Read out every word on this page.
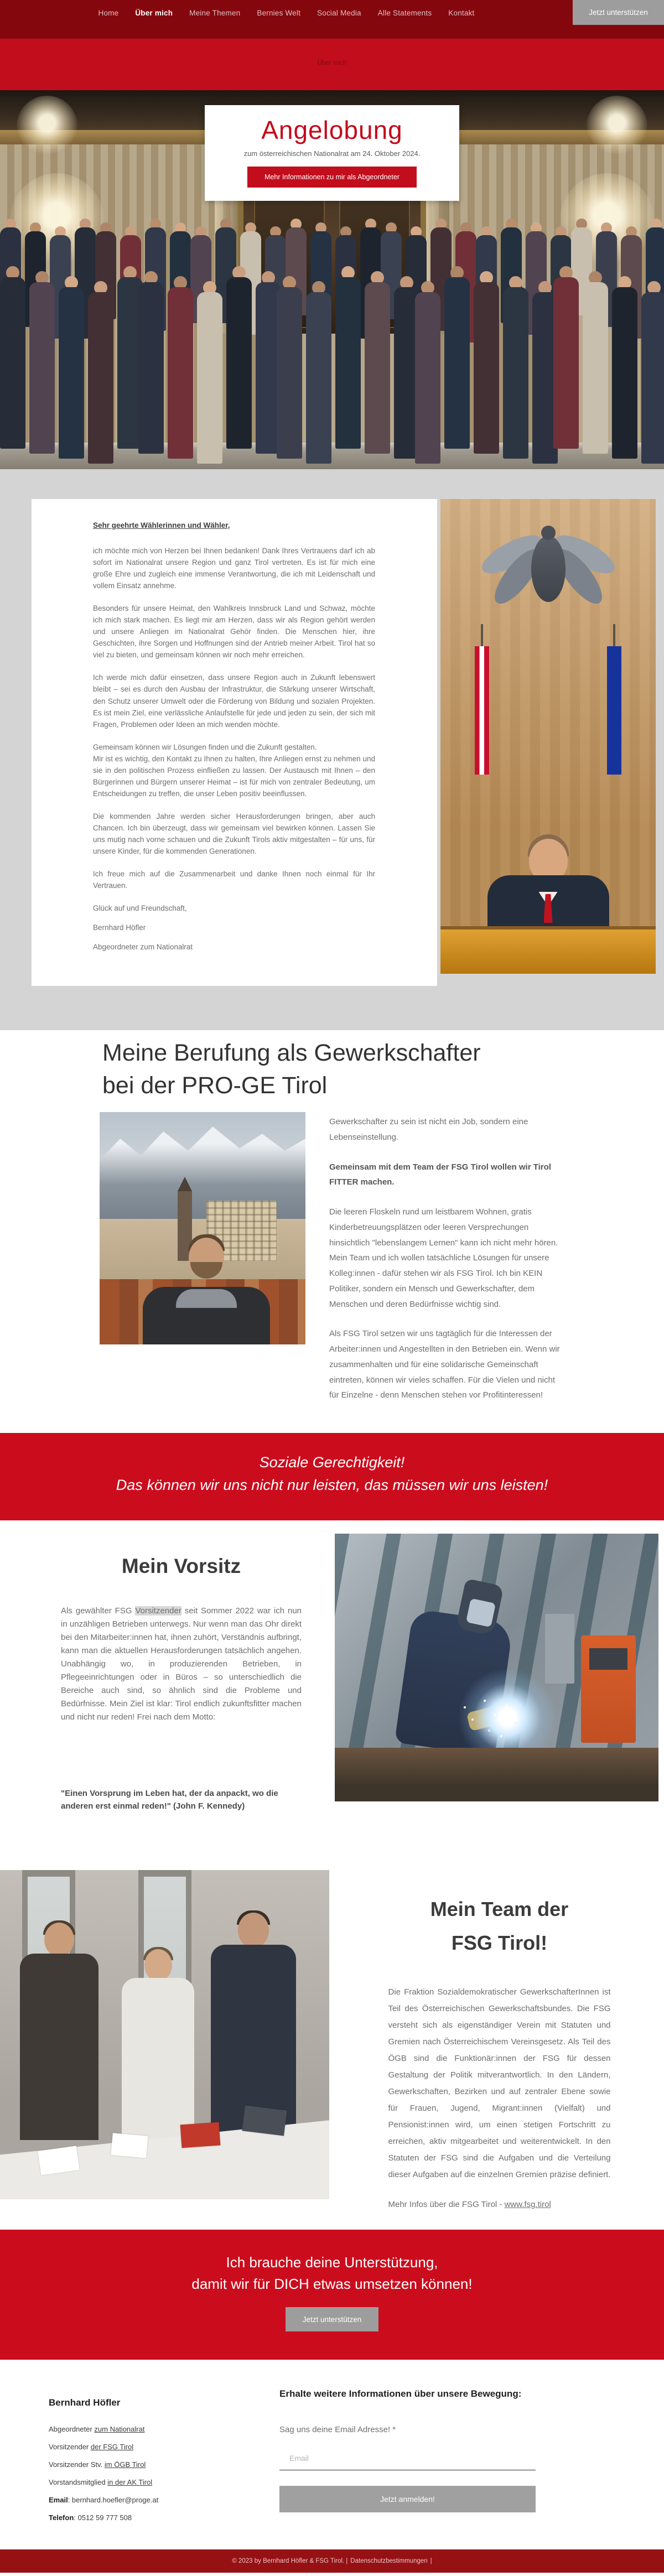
Home Über mich Meine Themen Bernies Welt Social Media Alle Statements Kontakt	Jetzt unterstützen
Über mich
Angelobung
zum österreichischen Nationalrat am 24. Oktober 2024.
Mehr Informationen zu mir als Abgeordneter
Sehr geehrte Wählerinnen und Wähler,

ich möchte mich von Herzen bei Ihnen bedanken! Dank Ihres Vertrauens darf ich ab sofort im Nationalrat unsere Region und ganz Tirol vertreten. Es ist für mich eine große Ehre und zugleich eine immense Verantwortung, die ich mit Leidenschaft und vollem Einsatz annehme.

Besonders für unsere Heimat, den Wahlkreis Innsbruck Land und Schwaz, möchte ich mich stark machen. Es liegt mir am Herzen, dass wir als Region gehört werden und unsere Anliegen im Nationalrat Gehör finden. Die Menschen hier, ihre Geschichten, ihre Sorgen und Hoffnungen sind der Antrieb meiner Arbeit. Tirol hat so viel zu bieten, und gemeinsam können wir noch mehr erreichen.

Ich werde mich dafür einsetzen, dass unsere Region auch in Zukunft lebenswert bleibt – sei es durch den Ausbau der Infrastruktur, die Stärkung unserer Wirtschaft, den Schutz unserer Umwelt oder die Förderung von Bildung und sozialen Projekten. Es ist mein Ziel, eine verlässliche Anlaufstelle für jede und jeden zu sein, der sich mit Fragen, Problemen oder Ideen an mich wenden möchte.

Gemeinsam können wir Lösungen finden und die Zukunft gestalten.

Mir ist es wichtig, den Kontakt zu Ihnen zu halten, Ihre Anliegen ernst zu nehmen und sie in den politischen Prozess einfließen zu lassen. Der Austausch mit Ihnen – den Bürgerinnen und Bürgern unserer Heimat – ist für mich von zentraler Bedeutung, um Entscheidungen zu treffen, die unser Leben positiv beeinflussen.

Die kommenden Jahre werden sicher Herausforderungen bringen, aber auch Chancen. Ich bin überzeugt, dass wir gemeinsam viel bewirken können. Lassen Sie uns mutig nach vorne schauen und die Zukunft Tirols aktiv mitgestalten – für uns, für unsere Kinder, für die kommenden Generationen.

Ich freue mich auf die Zusammenarbeit und danke Ihnen noch einmal für Ihr Vertrauen.

Glück auf und Freundschaft,

Bernhard Höfler

Abgeordneter zum Nationalrat

Meine Berufung als Gewerkschafter
bei der PRO-GE Tirol

Gewerkschafter zu sein ist nicht ein Job, sondern eine Lebenseinstellung.

Gemeinsam mit dem Team der FSG Tirol wollen wir Tirol FITTER machen.

Die leeren Floskeln rund um leistbarem Wohnen, gratis Kinderbetreuungsplätzen oder leeren Versprechungen hinsichtlich "lebenslangem Lernen" kann ich nicht mehr hören. Mein Team und ich wollen tatsächliche Lösungen für unsere Kolleg:innen - dafür stehen wir als FSG Tirol. Ich bin KEIN Politiker, sondern ein Mensch und Gewerkschafter, dem Menschen und deren Bedürfnisse wichtig sind.

Als FSG Tirol setzen wir uns tagtäglich für die Interessen der Arbeiter:innen und Angestellten in den Betrieben ein. Wenn wir zusammenhalten und für eine solidarische Gemeinschaft eintreten, können wir vieles schaffen. Für die Vielen und nicht für Einzelne - denn Menschen stehen vor Profitinteressen!

Soziale Gerechtigkeit!
Das können wir uns nicht nur leisten, das müssen wir uns leisten!
Mein Vorsitz
Als gewählter FSG Vorsitzender seit Sommer 2022 war ich nun in unzähligen Betrieben unterwegs. Nur wenn man das Ohr direkt bei den Mitarbeiter:innen hat, ihnen zuhört, Verständnis aufbringt, kann man die aktuellen Herausforderungen tatsächlich angehen. Unabhängig wo, in produzierenden Betrieben, in Pflegeeinrichtungen oder in Büros – so unterschiedlich die Bereiche auch sind, so ähnlich sind die Probleme und Bedürfnisse. Mein Ziel ist klar: Tirol endlich zukunftsfitter machen und nicht nur reden! Frei nach dem Motto:
"Einen Vorsprung im Leben hat, der da anpackt, wo die anderen erst einmal reden!" (John F. Kennedy)
Mein Team der
FSG Tirol!
Die Fraktion Sozialdemokratischer GewerkschafterInnen ist Teil des Österreichischen Gewerkschaftsbundes. Die FSG versteht sich als eigenständiger Verein mit Statuten und Gremien nach Österreichischem Vereinsgesetz. Als Teil des ÖGB sind die Funktionär:innen der FSG für dessen Gestaltung der Politik mitverantwortlich. In den Ländern, Gewerkschaften, Bezirken und auf zentraler Ebene sowie für Frauen, Jugend, Migrant:innen (Vielfalt) und Pensionist:innen wird, um einen stetigen Fortschritt zu erreichen, aktiv mitgearbeitet und weiterentwickelt. In den Statuten der FSG sind die Aufgaben und die Verteilung dieser Aufgaben auf die einzelnen Gremien präzise definiert.
Mehr Infos über die FSG Tirol - www.fsg.tirol
Ich brauche deine Unterstützung,
damit wir für DICH etwas umsetzen können!
Jetzt unterstützen
Bernhard Höfler
Abgeordneter zum Nationalrat
Vorsitzender der FSG Tirol
Vorsitzender Stv. im ÖGB Tirol
Vorstandsmitglied in der AK Tirol
Email: bernhard.hoefler@proge.at
Telefon: 0512 59 777 508
Erhalte weitere Informationen über unsere Bewegung:
Sag uns deine Email Adresse! *
Email
Jetzt anmelden!
© 2023 by Bernhard Höfler & FSG Tirol. | Datenschutzbestimmungen |
